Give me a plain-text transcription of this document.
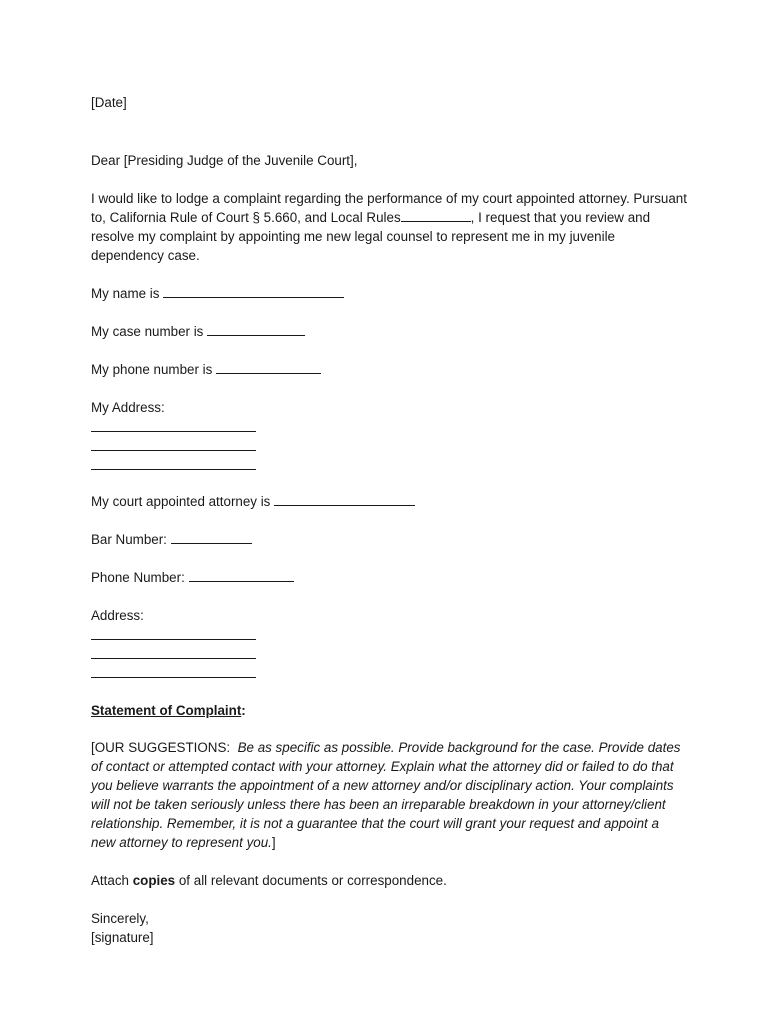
[Date]
Dear [Presiding Judge of the Juvenile Court],
I would like to lodge a complaint regarding the performance of my court appointed attorney. Pursuant to, California Rule of Court § 5.660, and Local Rules	, I request that you review and resolve my complaint by appointing me new legal counsel to represent me in my juvenile dependency case.
My name is
My case number is
My phone number is
My Address:
My court appointed attorney is
Bar Number:
Phone Number:
Address:
Statement of Complaint:
[OUR SUGGESTIONS: Be as specific as possible. Provide background for the case. Provide dates of contact or attempted contact with your attorney. Explain what the attorney did or failed to do that you believe warrants the appointment of a new attorney and/or disciplinary action. Your complaints will not be taken seriously unless there has been an irreparable breakdown in your attorney/client relationship. Remember, it is not a guarantee that the court will grant your request and appoint a new attorney to represent you.]
Attach copies of all relevant documents or correspondence.
Sincerely,
[signature]
